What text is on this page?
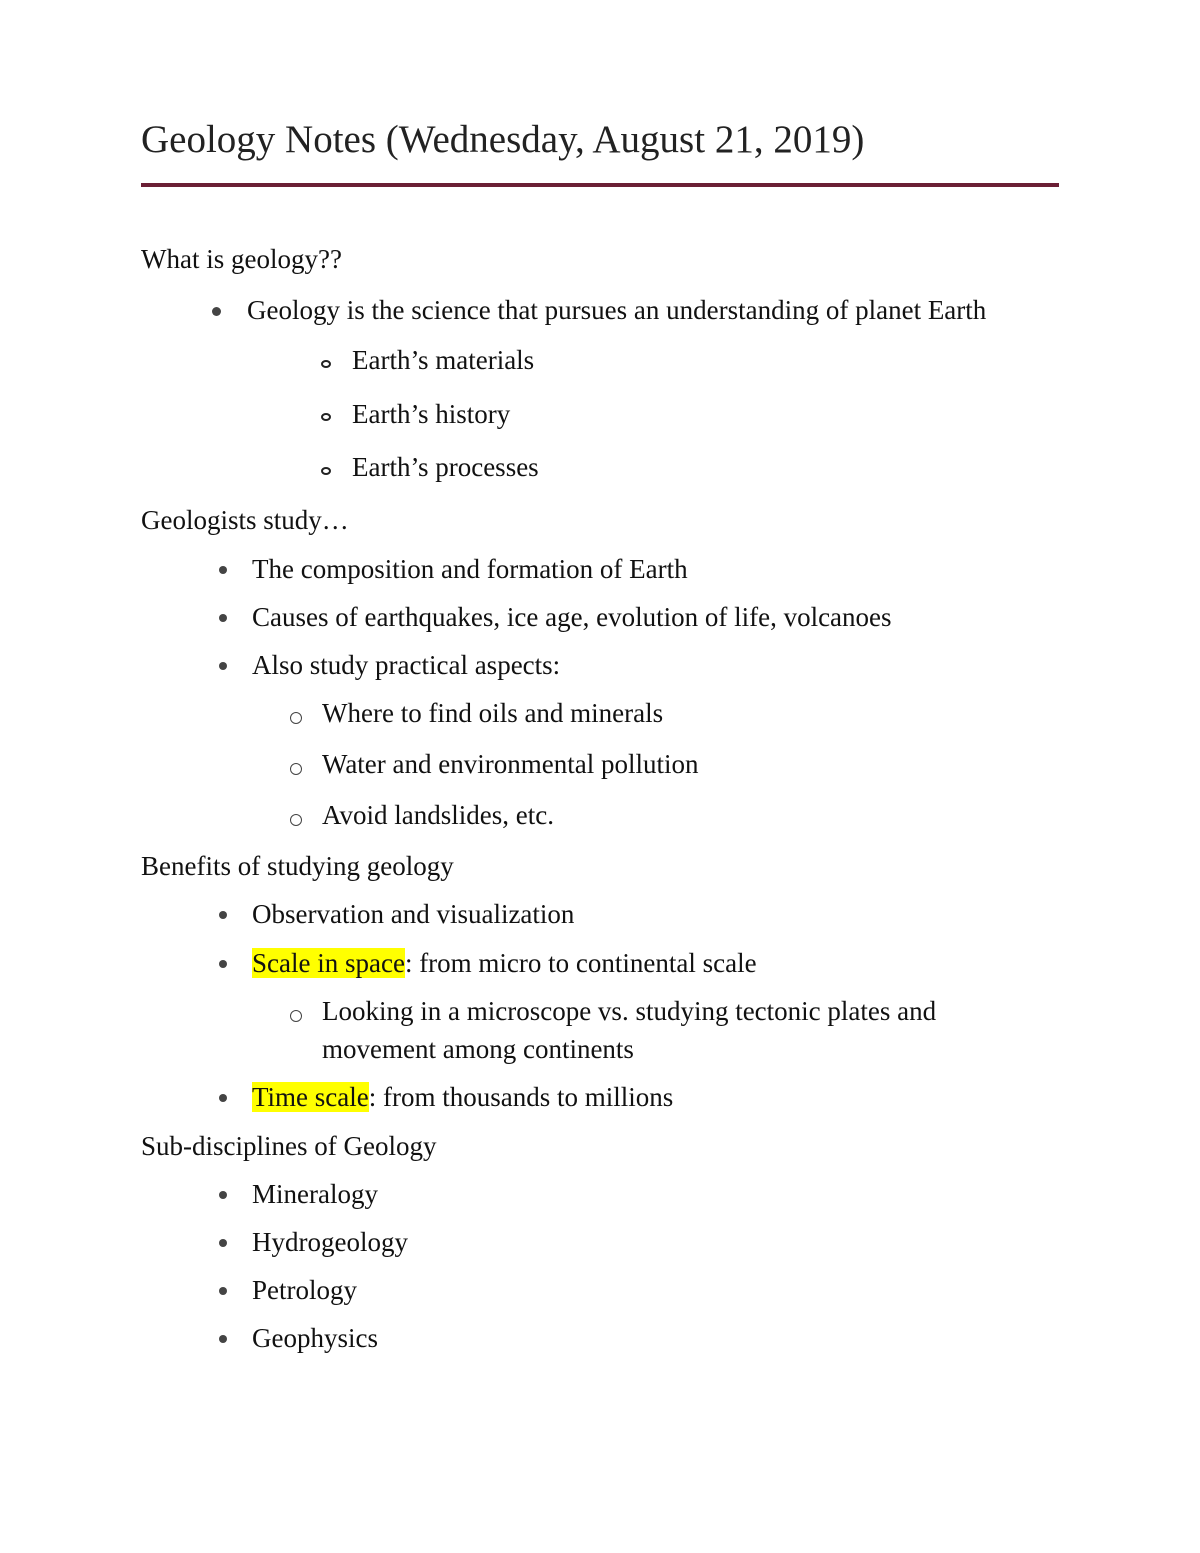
Geology Notes (Wednesday, August 21, 2019)
What is geology??
Geology is the science that pursues an understanding of planet Earth
Earth’s materials
Earth’s history
Earth’s processes
Geologists study…
The composition and formation of Earth
Causes of earthquakes, ice age, evolution of life, volcanoes
Also study practical aspects:
Where to find oils and minerals
Water and environmental pollution
Avoid landslides, etc.
Benefits of studying geology
Observation and visualization
Scale in space: from micro to continental scale
Looking in a microscope vs. studying tectonic plates and
movement among continents
Time scale: from thousands to millions
Sub-disciplines of Geology
Mineralogy
Hydrogeology
Petrology
Geophysics
